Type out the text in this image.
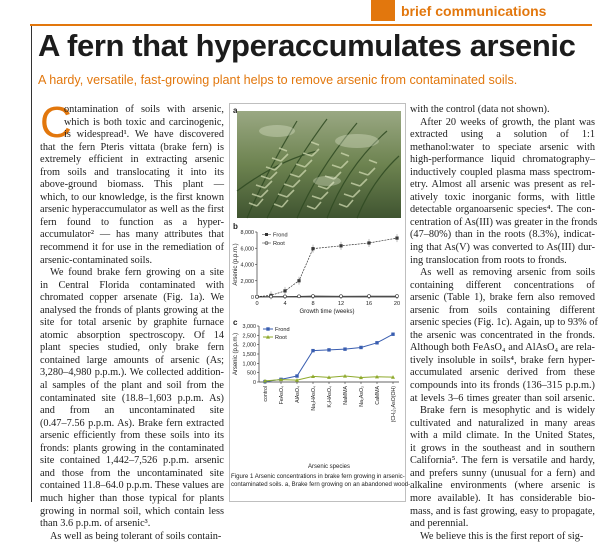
brief communications
A fern that hyperaccumulates arsenic
A hardy, versatile, fast-growing plant helps to remove arsenic from contaminated soils.
C

ontamination of soils with arsenic,

which is both toxic and carcinogenic,

is widespread¹. We have discovered

that the fern Pteris vittata (brake fern) is

extremely efficient in extracting arsenic

from soils and translocating it into its

above-ground biomass. This plant —

which, to our knowledge, is the first known

arsenic hyperaccumulator as well as the first

fern found to function as a hyper-

accumulator² — has many attributes that

recommend it for use in the remediation of

arsenic-contaminated soils.

We found brake fern growing on a site

in Central Florida contaminated with

chromated copper arsenate (Fig. 1a). We

analysed the fronds of plants growing at the

site for total arsenic by graphite furnace

atomic absorption spectroscopy. Of 14

plant species studied, only brake fern

contained large amounts of arsenic (As;

3,280–4,980 p.p.m.). We collected addition-

al samples of the plant and soil from the

contaminated site (18.8–1,603 p.p.m. As)

and from an uncontaminated site

(0.47–7.56 p.p.m. As). Brake fern extracted

arsenic efficiently from these soils into its

fronds: plants growing in the contaminated

site contained 1,442–7,526 p.p.m. arsenic

and those from the uncontaminated site

contained 11.8–64.0 p.p.m. These values are

much higher than those typical for plants

growing in normal soil, which contain less

than 3.6 p.p.m. of arsenic³.

As well as being tolerant of soils contain-

a
b
c
0
2,000
4,000
6,000
8,000
0	4	8	12	16	20
Growth time (weeks)
Arsenic (p.p.m.)
Frond
Root
0
500
1,000
1,500
2,000
2,500
3,000
control FeAsO₄ AlAsO₄ Na₂HAsO₄ K₂HAsO₄ NaMMA Na₂AsO₂ CaMMA (CH₃)₂AsO(OH)
Arsenic species
Arsenic (p.p.m.)
Frond
Root
Figure 1 Arsenic concentrations in brake fern growing in arsenic-
contaminated soils. a, Brake fern growing on an abandoned wood-

with the control (data not shown).

After 20 weeks of growth, the plant was

extracted using a solution of 1:1

methanol:water to speciate arsenic with

high-performance liquid chromatography–

inductively coupled plasma mass spectrom-

etry. Almost all arsenic was present as rel-

atively toxic inorganic forms, with little

detectable organoarsenic species⁴. The con-

centration of As(III) was greater in the fronds

(47–80%) than in the roots (8.3%), indicat-

ing that As(V) was converted to As(III) dur-

ing translocation from roots to fronds.

As well as removing arsenic from soils

containing different concentrations of

arsenic (Table 1), brake fern also removed

arsenic from soils containing different

arsenic species (Fig. 1c). Again, up to 93% of

the arsenic was concentrated in the fronds.

Although both FeAsO₄ and AlAsO₄ are rela-

tively insoluble in soils⁴, brake fern hyper-

accumulated arsenic derived from these

compounds into its fronds (136–315 p.p.m.)

at levels 3–6 times greater than soil arsenic.

Brake fern is mesophytic and is widely

cultivated and naturalized in many areas

with a mild climate. In the United States,

it grows in the southeast and in southern

California⁵. The fern is versatile and hardy,

and prefers sunny (unusual for a fern) and

alkaline environments (where arsenic is

more available). It has considerable bio-

mass, and is fast growing, easy to propagate,

and perennial.

We believe this is the first report of sig-
